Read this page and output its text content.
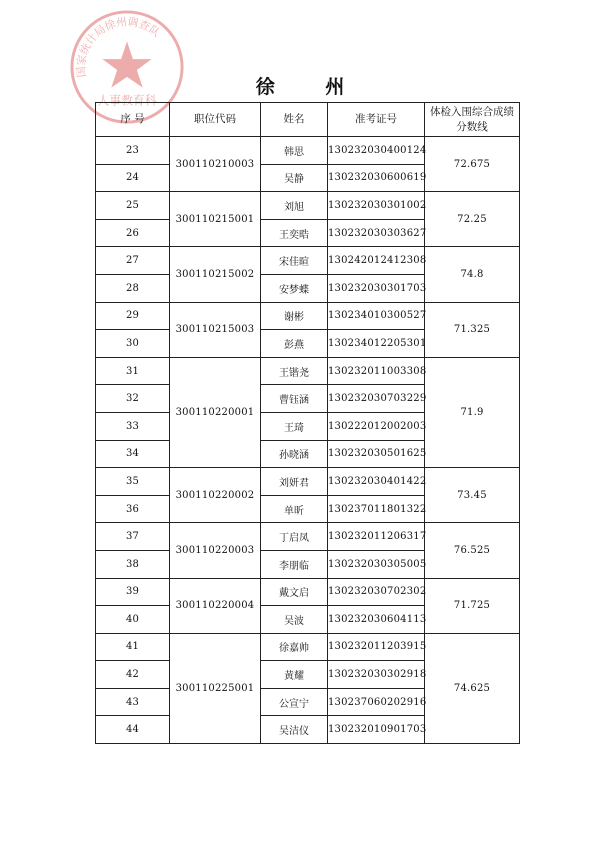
国家统计局徐州调查队
人事教育科
徐 州
序 号	职位代码	姓名	准考证号	体检入围综合成绩分数线
23	300110210003	韩思	130232030400124	72.675
24		吴静	130232030600619	
25	300110215001	刘旭	130232030301002	72.25
26		王奕晧	130232030303627	
27	300110215002	宋佳暄	130242012412308	74.8
28		安梦蝶	130232030301703	
29	300110215003	谢彬	130234010300527	71.325
30		彭燕	130234012205301	
31	300110220001	王锴尧	130232011003308	71.9
32		曹钰涵	130232030703229	
33		王琦	130222012002003	
34		孙晓涵	130232030501625	
35	300110220002	刘妍君	130232030401422	73.45
36		单昕	130237011801322	
37	300110220003	丁启凤	130232011206317	76.525
38		李朋临	130232030305005	
39	300110220004	戴文启	130232030702302	71.725
40		吴波	130232030604113	
41	300110225001	徐嘉帅	130232011203915	74.625
42		黄耀	130232030302918	
43		公宣宁	130237060202916	
44		吴洁仪	130232010901703	
